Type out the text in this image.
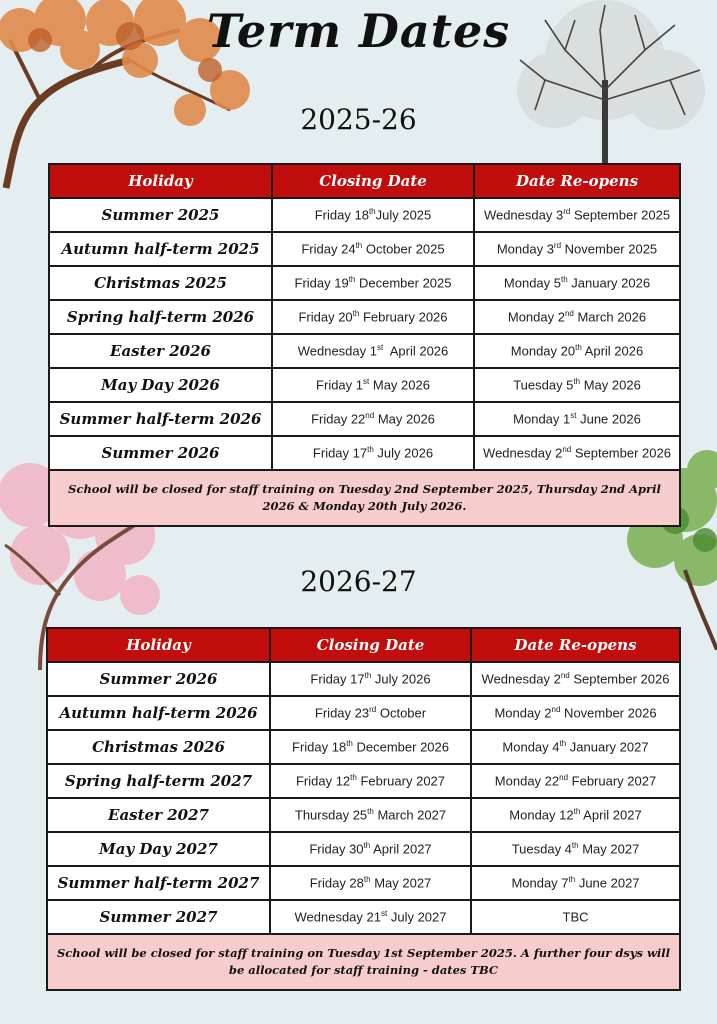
Term Dates
2025-26
Holiday	Closing Date	Date Re-opens
Summer 2025	Friday 18thJuly 2025	Wednesday 3rd September 2025
Autumn half-term 2025	Friday 24th October 2025	Monday 3rd November 2025
Christmas 2025	Friday 19th December 2025	Monday 5th January 2026
Spring half-term 2026	Friday 20th February 2026	Monday 2nd March 2026
Easter 2026	Wednesday 1st  April 2026	Monday 20th April 2026
May Day 2026	Friday 1st May 2026	Tuesday 5th May 2026
Summer half-term 2026	Friday 22nd May 2026	Monday 1st June 2026
Summer 2026	Friday 17th July 2026	Wednesday 2nd September 2026
School will be closed for staff training on Tuesday 2nd September 2025, Thursday 2nd April 2026 & Monday 20th July 2026.		
2026-27
Holiday	Closing Date	Date Re-opens
Summer 2026	Friday 17th July 2026	Wednesday 2nd September 2026
Autumn half-term 2026	Friday 23rd October	Monday 2nd November 2026
Christmas 2026	Friday 18th December 2026	Monday 4th January 2027
Spring half-term 2027	Friday 12th February 2027	Monday 22nd February 2027
Easter 2027	Thursday 25th March 2027	Monday 12th April 2027
May Day 2027	Friday 30th April 2027	Tuesday 4th May 2027
Summer half-term 2027	Friday 28th May 2027	Monday 7th June 2027
Summer 2027	Wednesday 21st July 2027	TBC
School will be closed for staff training on Tuesday 1st September 2025. A further four dsys will be allocated for staff training - dates TBC		
